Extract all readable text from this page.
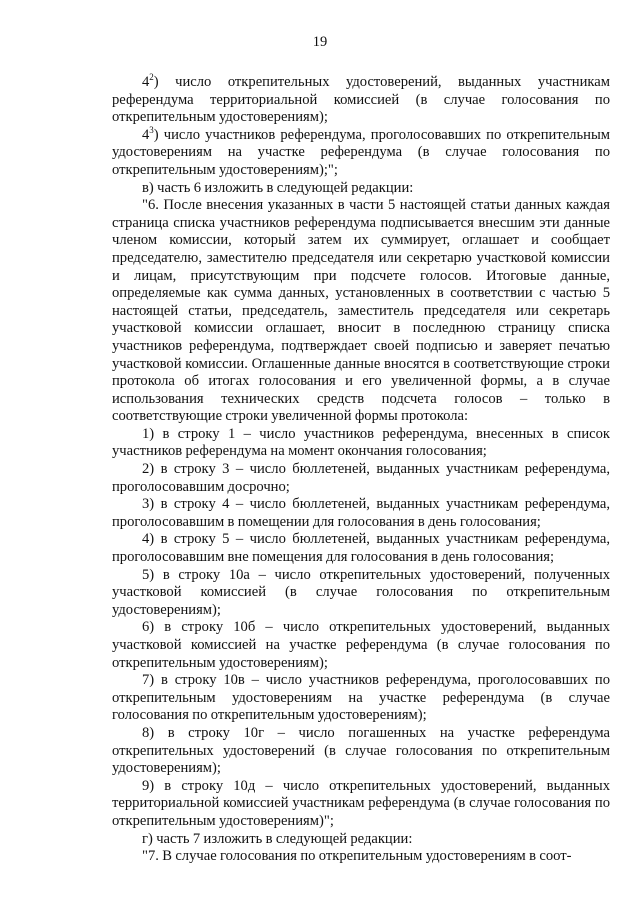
19

$4^2$) число открепительных удостоверений, выданных участникам референдума территориальной комиссией (в случае голосования по открепительным удостоверениям);

$4^3$) число участников референдума, проголосовавших по открепительным удостоверениям на участке референдума (в случае голосования по открепительным удостоверениям);";

в) часть 6 изложить в следующей редакции:

"6. После внесения указанных в части 5 настоящей статьи данных каждая страница списка участников референдума подписывается внесшим эти данные членом комиссии, который затем их суммирует, оглашает и сообщает председателю, заместителю председателя или секретарю участковой комиссии и лицам, присутствующим при подсчете голосов. Итоговые данные, определяемые как сумма данных, установленных в соответствии с частью 5 настоящей статьи, председатель, заместитель председателя или секретарь участковой комиссии оглашает, вносит в последнюю страницу списка участников референдума, подтверждает своей подписью и заверяет печатью участковой комиссии. Оглашенные данные вносятся в соответствующие строки протокола об итогах голосования и его увеличенной формы, а в случае использования технических средств подсчета голосов – только в соответствующие строки увеличенной формы протокола:

1) в строку 1 – число участников референдума, внесенных в список участников референдума на момент окончания голосования;

2) в строку 3 – число бюллетеней, выданных участникам референдума, проголосовавшим досрочно;

3) в строку 4 – число бюллетеней, выданных участникам референдума, проголосовавшим в помещении для голосования в день голосования;

4) в строку 5 – число бюллетеней, выданных участникам референдума, проголосовавшим вне помещения для голосования в день голосования;

5) в строку 10а – число открепительных удостоверений, полученных участковой комиссией (в случае голосования по открепительным удостоверениям);

6) в строку 10б – число открепительных удостоверений, выданных участковой комиссией на участке референдума (в случае голосования по открепительным удостоверениям);

7) в строку 10в – число участников референдума, проголосовавших по открепительным удостоверениям на участке референдума (в случае голосования по открепительным удостоверениям);

8) в строку 10г – число погашенных на участке референдума открепительных удостоверений (в случае голосования по открепительным удостоверениям);

9) в строку 10д – число открепительных удостоверений, выданных территориальной комиссией участникам референдума (в случае голосования по открепительным удостоверениям)";

г) часть 7 изложить в следующей редакции:

"7. В случае голосования по открепительным удостоверениям в соот-
